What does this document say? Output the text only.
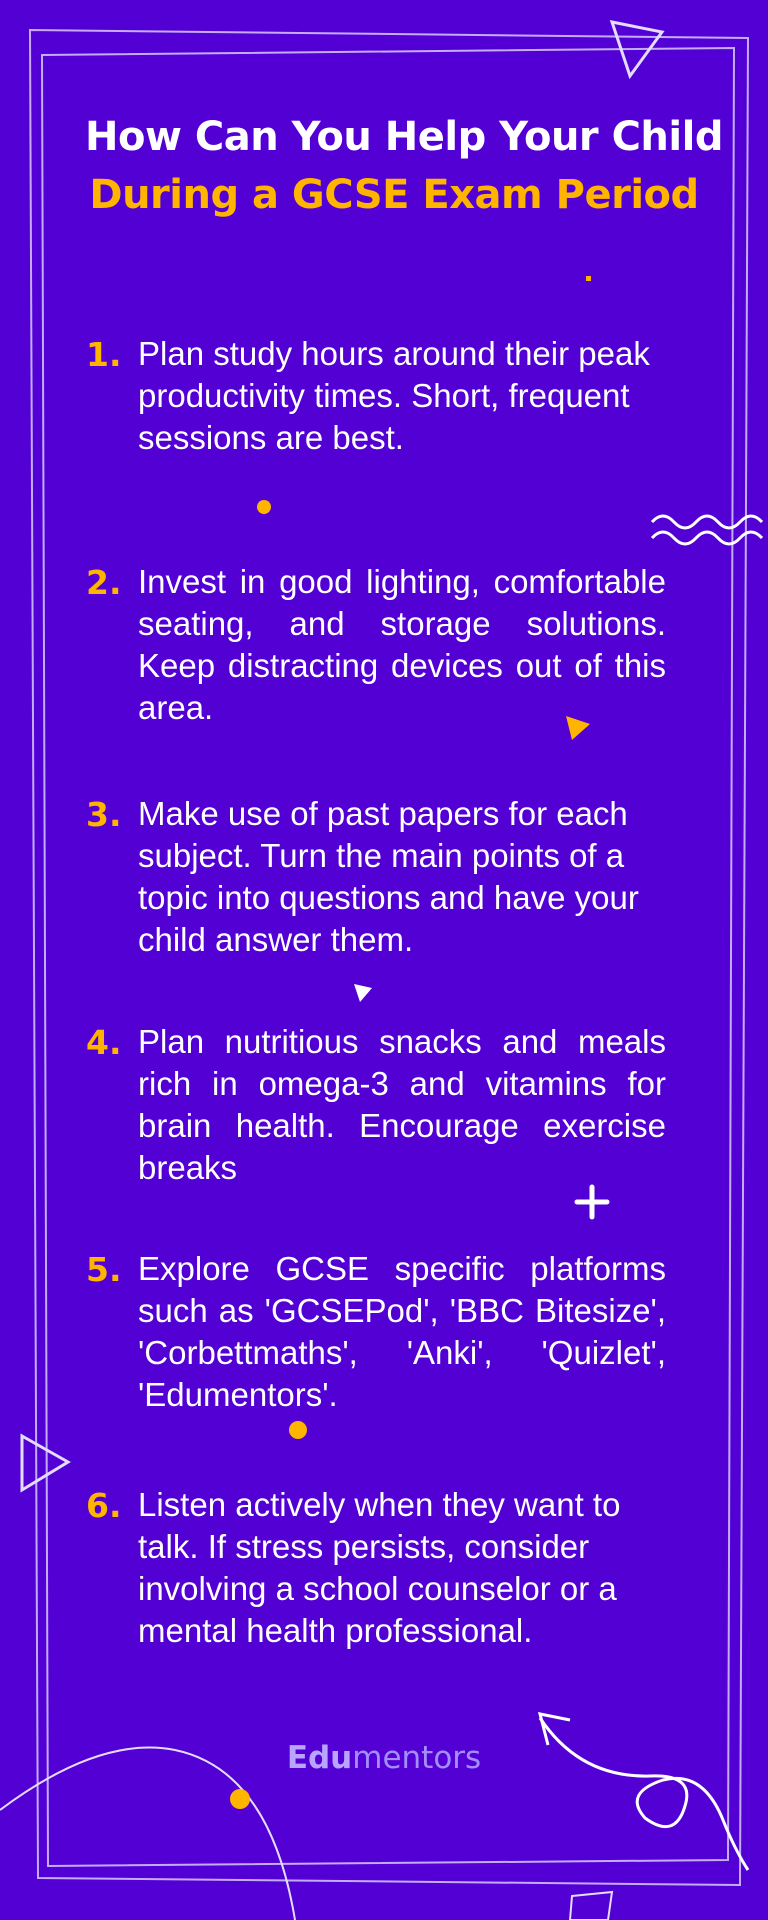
How Can You Help Your Child
During a GCSE Exam Period
1. Plan study hours around their peak productivity times. Short, frequent sessions are best.
2. Invest in good lighting, comfortable seating, and storage solutions. Keep distracting devices out of this area.
3. Make use of past papers for each subject. Turn the main points of a topic into questions and have your child answer them.
4. Plan nutritious snacks and meals rich in omega-3 and vitamins for brain health. Encourage exercise breaks
5. Explore GCSE specific platforms such as 'GCSEPod', 'BBC Bitesize', 'Corbettmaths', 'Anki', 'Quizlet', 'Edumentors'.
6. Listen actively when they want to talk. If stress persists, consider involving a school counselor or a mental health professional.
Edumentors
